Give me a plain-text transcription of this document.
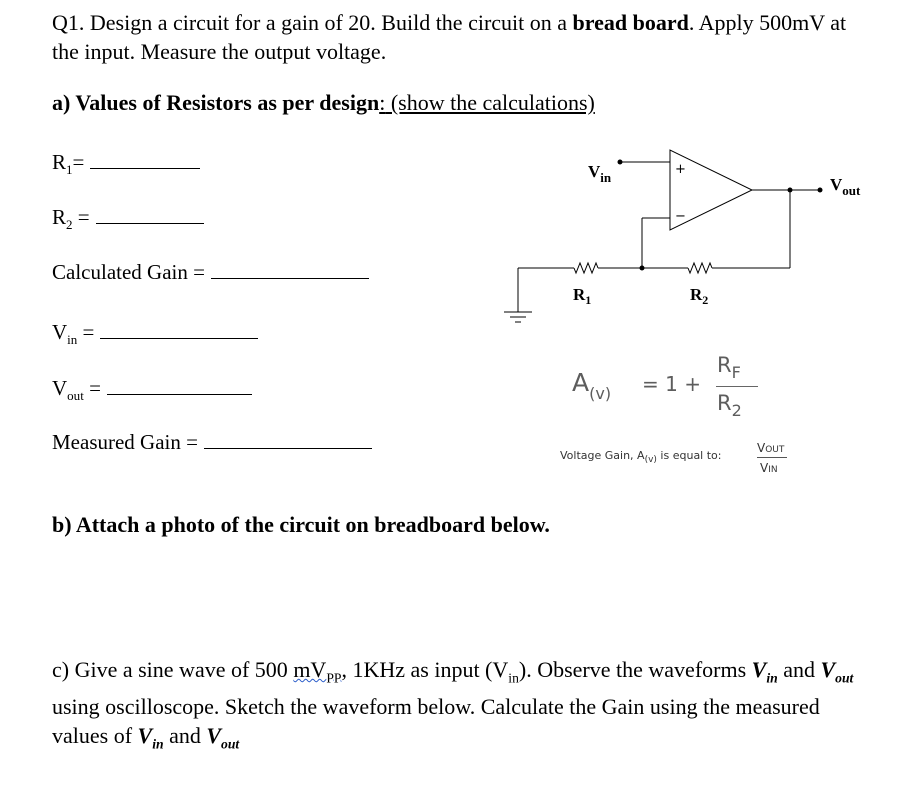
Q1. Design a circuit for a gain of 20. Build the circuit on a bread board. Apply 500mV at the input. Measure the output voltage.
a) Values of Resistors as per design: (show the calculations)
$R_1=$
$R_2$ =
Calculated Gain =
$V_{in}$ =
$V_{out}$ =
Measured Gain =
+
−
$V_{in}$	$V_{out}$
$R_1$	$R_2$
$A_{(v)} = 1$ +
$R_F$
$R_2$
Voltage Gain, $A_{(v)}$ is equal to:
VOUT
VIN
b) Attach a photo of the circuit on breadboard below.
c) Give a sine wave of 500 $mV_{PP}$, 1KHz as input $(V_{in})$. Observe the waveforms $V_{in}$ and $V_{out}$ using oscilloscope. Sketch the waveform below. Calculate the Gain using the measured values of $V_{in}$ and $V_{out}$
